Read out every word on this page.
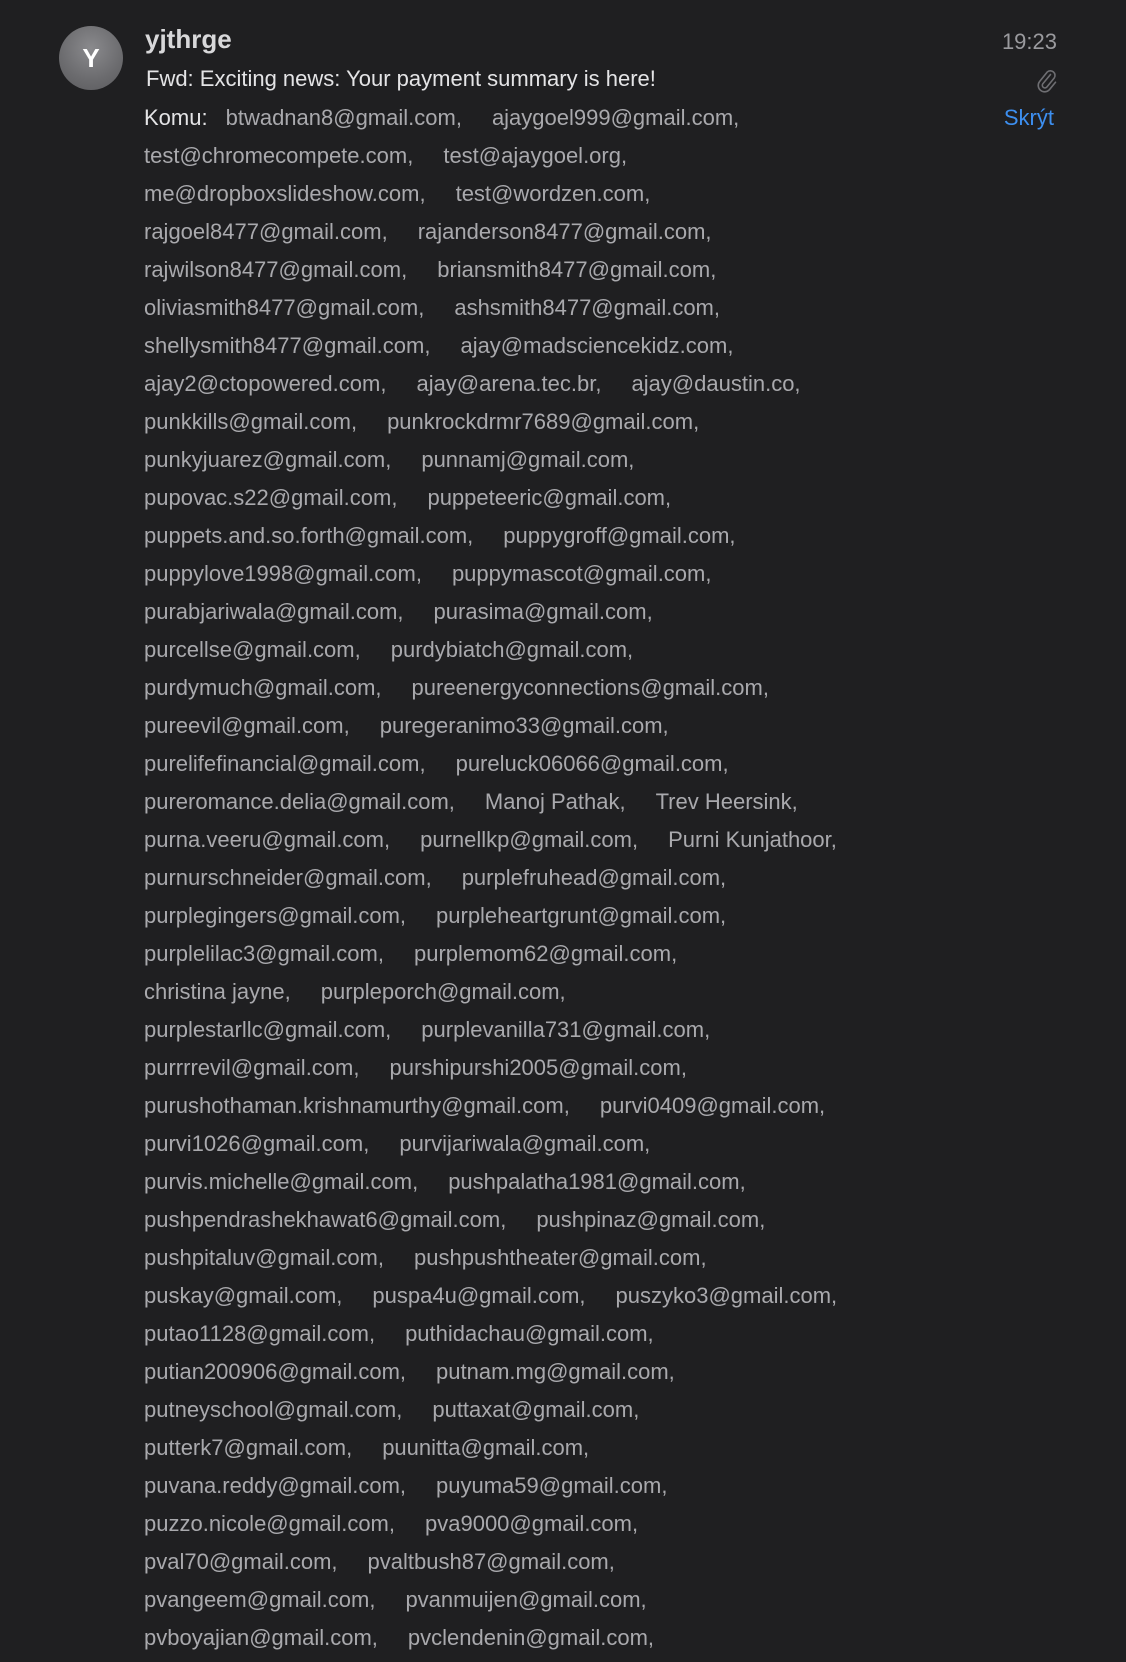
Y
yjthrge	19:23
Fwd: Exciting news: Your payment summary is here!
Skrýt
Komu: btwadnan8@gmail.com, ajaygoel999@gmail.com,
test@chromecompete.com, test@ajaygoel.org,
me@dropboxslideshow.com, test@wordzen.com,
rajgoel8477@gmail.com, rajanderson8477@gmail.com,
rajwilson8477@gmail.com, briansmith8477@gmail.com,
oliviasmith8477@gmail.com, ashsmith8477@gmail.com,
shellysmith8477@gmail.com, ajay@madsciencekidz.com,
ajay2@ctopowered.com, ajay@arena.tec.br, ajay@daustin.co,
punkkills@gmail.com, punkrockdrmr7689@gmail.com,
punkyjuarez@gmail.com, punnamj@gmail.com,
pupovac.s22@gmail.com, puppeteeric@gmail.com,
puppets.and.so.forth@gmail.com, puppygroff@gmail.com,
puppylove1998@gmail.com, puppymascot@gmail.com,
purabjariwala@gmail.com, purasima@gmail.com,
purcellse@gmail.com, purdybiatch@gmail.com,
purdymuch@gmail.com, pureenergyconnections@gmail.com,
pureevil@gmail.com, puregeranimo33@gmail.com,
purelifefinancial@gmail.com, pureluck06066@gmail.com,
pureromance.delia@gmail.com, Manoj Pathak, Trev Heersink,
purna.veeru@gmail.com, purnellkp@gmail.com, Purni Kunjathoor,
purnurschneider@gmail.com, purplefruhead@gmail.com,
purplegingers@gmail.com, purpleheartgrunt@gmail.com,
purplelilac3@gmail.com, purplemom62@gmail.com,
christina jayne, purpleporch@gmail.com,
purplestarllc@gmail.com, purplevanilla731@gmail.com,
purrrrevil@gmail.com, purshipurshi2005@gmail.com,
purushothaman.krishnamurthy@gmail.com, purvi0409@gmail.com,
purvi1026@gmail.com, purvijariwala@gmail.com,
purvis.michelle@gmail.com, pushpalatha1981@gmail.com,
pushpendrashekhawat6@gmail.com, pushpinaz@gmail.com,
pushpitaluv@gmail.com, pushpushtheater@gmail.com,
puskay@gmail.com, puspa4u@gmail.com, puszyko3@gmail.com,
putao1128@gmail.com, puthidachau@gmail.com,
putian200906@gmail.com, putnam.mg@gmail.com,
putneyschool@gmail.com, puttaxat@gmail.com,
putterk7@gmail.com, puunitta@gmail.com,
puvana.reddy@gmail.com, puyuma59@gmail.com,
puzzo.nicole@gmail.com, pva9000@gmail.com,
pval70@gmail.com, pvaltbush87@gmail.com,
pvangeem@gmail.com, pvanmuijen@gmail.com,
pvboyajian@gmail.com, pvclendenin@gmail.com,
